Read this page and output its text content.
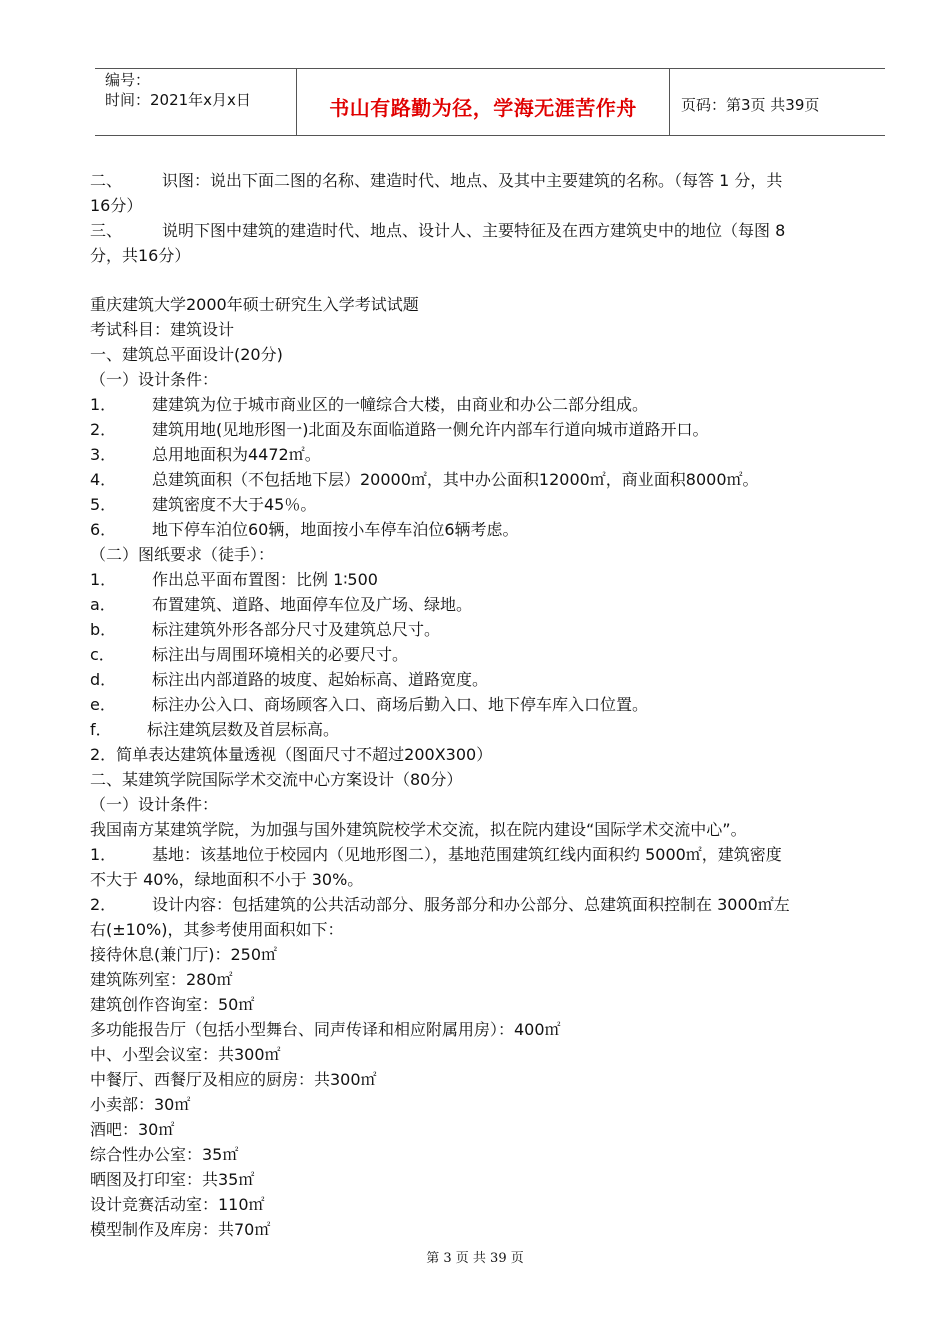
编号：
时间：2021年x月x日	书山有路勤为径，学海无涯苦作舟	页码：第3页 共39页
二、 识图：说出下面二图的名称、建造时代、地点、及其中主要建筑的名称。（每答 1 分，共
16分）
三、 说明下图中建筑的建造时代、地点、设计人、主要特征及在西方建筑史中的地位（每图 8
分，共16分）
重庆建筑大学2000年硕士研究生入学考试试题
考试科目：建筑设计
一、建筑总平面设计(20分)
（一）设计条件：
1． 建建筑为位于城市商业区的一幢综合大楼，由商业和办公二部分组成。
2． 建筑用地(见地形图一)北面及东面临道路一侧允许内部车行道向城市道路开口。
3． 总用地面积为4472㎡。
4． 总建筑面积（不包括地下层）20000㎡，其中办公面积12000㎡，商业面积8000㎡。
5． 建筑密度不大于45％。
6． 地下停车泊位60辆，地面按小车停车泊位6辆考虑。
（二）图纸要求（徒手）：
1． 作出总平面布置图：比例 1∶500
a． 布置建筑、道路、地面停车位及广场、绿地。
b． 标注建筑外形各部分尺寸及建筑总尺寸。
c． 标注出与周围环境相关的必要尺寸。
d． 标注出内部道路的坡度、起始标高、道路宽度。
e． 标注办公入口、商场顾客入口、商场后勤入口、地下停车库入口位置。
f． 标注建筑层数及首层标高。
2．简单表达建筑体量透视（图面尺寸不超过200X300）
二、某建筑学院国际学术交流中心方案设计（80分）
（一）设计条件：
我国南方某建筑学院，为加强与国外建筑院校学术交流，拟在院内建设“国际学术交流中心”。
1． 基地：该基地位于校园内（见地形图二），基地范围建筑红线内面积约 5000㎡，建筑密度
不大于 40%，绿地面积不小于 30%。
2． 设计内容：包括建筑的公共活动部分、服务部分和办公部分、总建筑面积控制在 3000㎡左
右(±10%)，其参考使用面积如下：
接待休息(兼门厅)：250㎡
建筑陈列室：280㎡
建筑创作咨询室：50㎡
多功能报告厅（包括小型舞台、同声传译和相应附属用房）：400㎡
中、小型会议室：共300㎡
中餐厅、西餐厅及相应的厨房：共300㎡
小卖部：30㎡
酒吧：30㎡
综合性办公室：35㎡
晒图及打印室：共35㎡
设计竞赛活动室：110㎡
模型制作及库房：共70㎡
第 3 页 共 39 页
